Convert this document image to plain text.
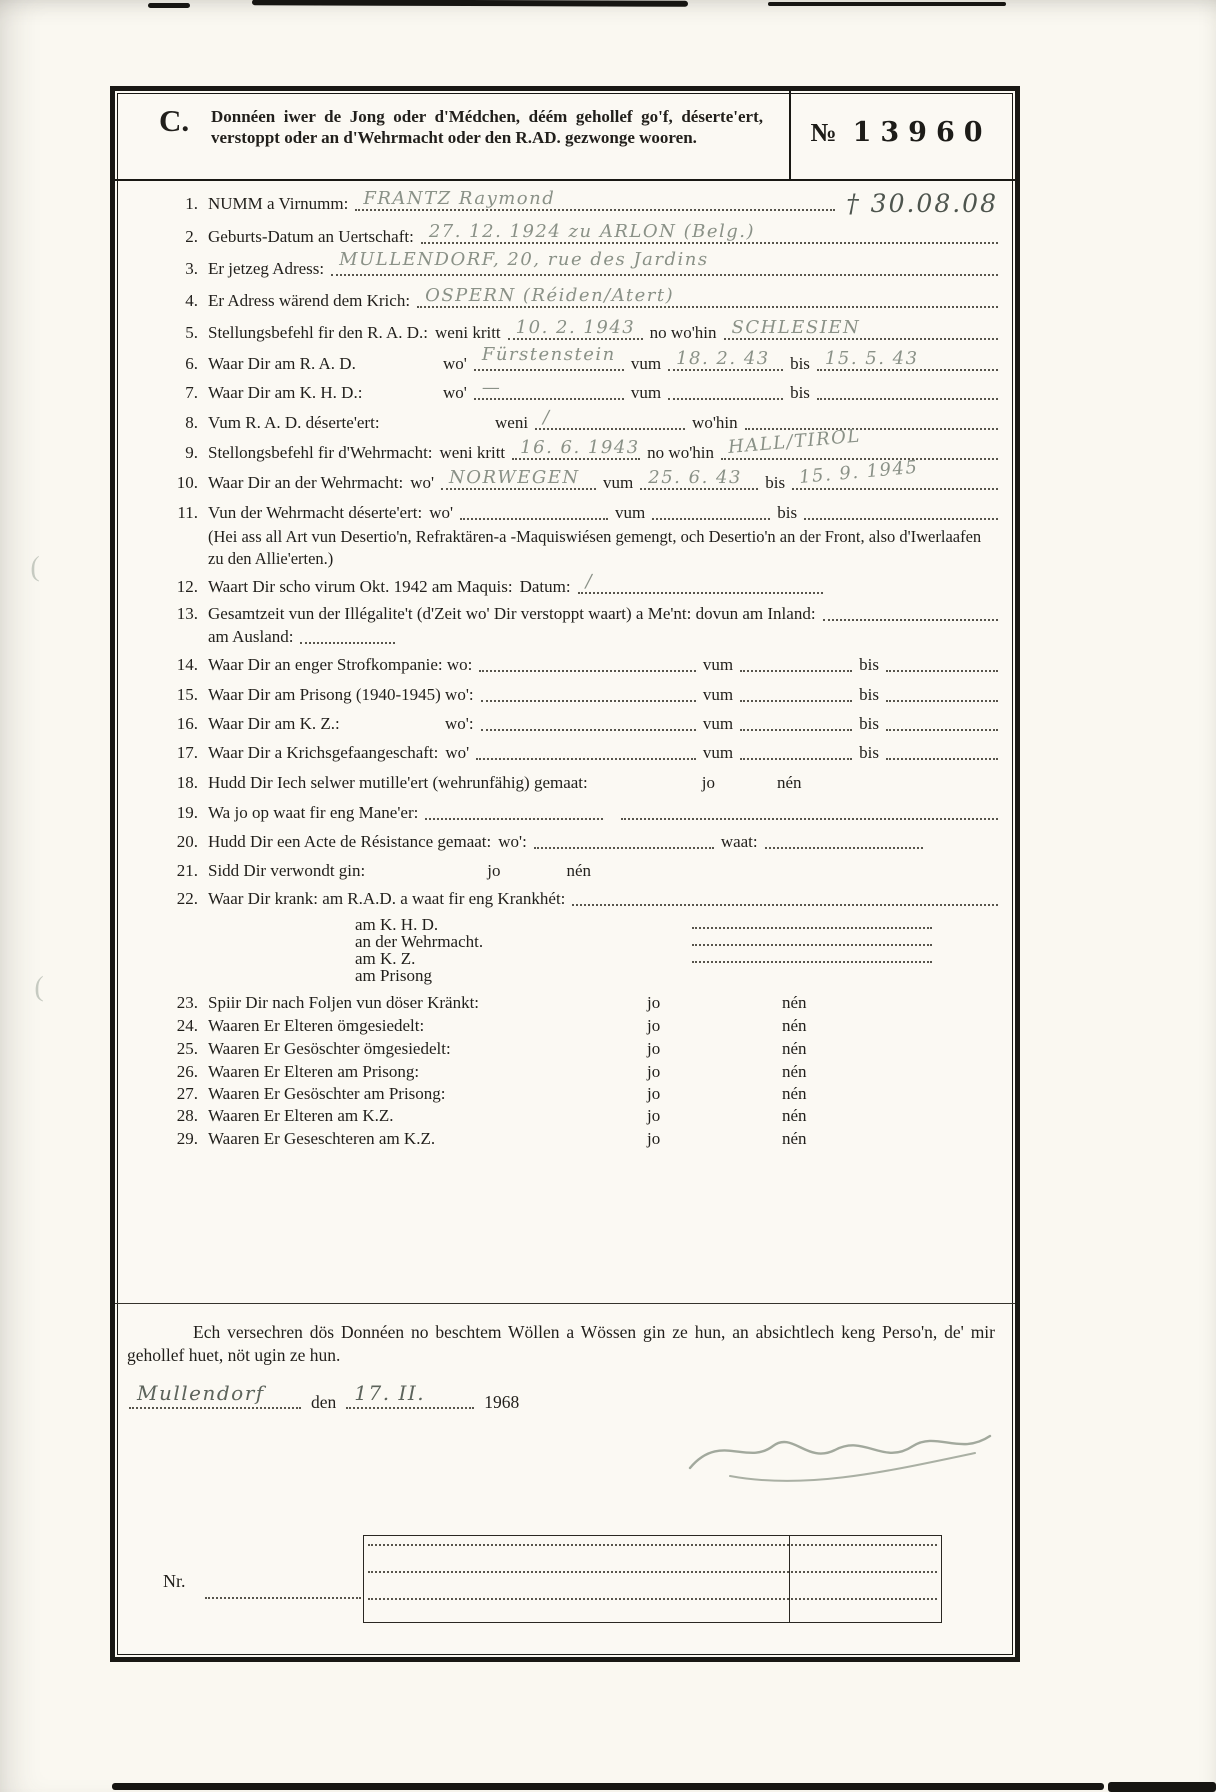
(
(
C. Donnéen iwer de Jong oder d'Médchen, déém gehollef go'f, déserte'ert, verstoppt oder an d'Wehrmacht oder den R.AD. gezwonge wooren.	№ 13960
1. NUMM a Virnumm: FRANTZ Raymond	† 30.08.08
2. Geburts-Datum an Uertschaft: 27. 12. 1924 zu ARLON (Belg.)
3. Er jetzeg Adress: MULLENDORF, 20, rue des Jardins
4. Er Adress wärend dem Krich: OSPERN (Réiden/Atert)
5. Stellungsbefehl fir den R. A. D.: weni kritt 10. 2. 1943 no wo'hin SCHLESIEN
6. Waar Dir am R. A. D.	wo' Fürstenstein vum 18. 2. 43 bis 15. 5. 43
7. Waar Dir am K. H. D.:	wo' —	vum	bis
8. Vum R. A. D. déserte'ert:	weni ∕	wo'hin
9. Stellongsbefehl fir d'Wehrmacht: weni kritt 16. 6. 1943 no wo'hin HALL/TIROL
10. Waar Dir an der Wehrmacht: wo' NORWEGEN vum 25. 6. 43 bis 15. 9. 1945
11. Vun der Wehrmacht déserte'ert: wo'	vum	bis
(Hei ass all Art vun Desertio'n, Refraktären-a -Maquiswiésen gemengt, och Desertio'n an der Front, also d'Iwerlaafen zu den Allie'erten.)
12. Waart Dir scho virum Okt. 1942 am Maquis: Datum: ∕
13. Gesamtzeit vun der Illégalite't (d'Zeit wo' Dir verstoppt waart) a Me'nt: dovun am Inland:
am Ausland:
14. Waar Dir an enger Strofkompanie: wo:	vum	bis
15. Waar Dir am Prisong (1940-1945) wo':	vum	bis
16. Waar Dir am K. Z.:	wo':	vum	bis
17. Waar Dir a Krichsgefaangeschaft: wo'	vum	bis
18. Hudd Dir Iech selwer mutille'ert (wehrunfähig) gemaat:	jo	nén
19. Wa jo op waat fir eng Mane'er:
20. Hudd Dir een Acte de Résistance gemaat: wo':	waat:
21. Sidd Dir verwondt gin:	jo	nén
22. Waar Dir krank: am R.A.D. a waat fir eng Krankhét:
am K. H. D.
an der Wehrmacht.
am K. Z.
am Prisong
23. Spiir Dir nach Foljen vun döser Kränkt:	jo	nén
24. Waaren Er Elteren ömgesiedelt:	jo	nén
25. Waaren Er Gesöschter ömgesiedelt:	jo	nén
26. Waaren Er Elteren am Prisong:	jo	nén
27. Waaren Er Gesöschter am Prisong:	jo	nén
28. Waaren Er Elteren am K.Z.	jo	nén
29. Waaren Er Geseschteren am K.Z.	jo	nén
Ech versechren dös Donnéen no beschtem Wöllen a Wössen gin ze hun, an absichtlech keng Perso'n, de' mir gehollef huet, nöt ugin ze hun.
Mullendorf	den 17. II.	1968
Nr.
